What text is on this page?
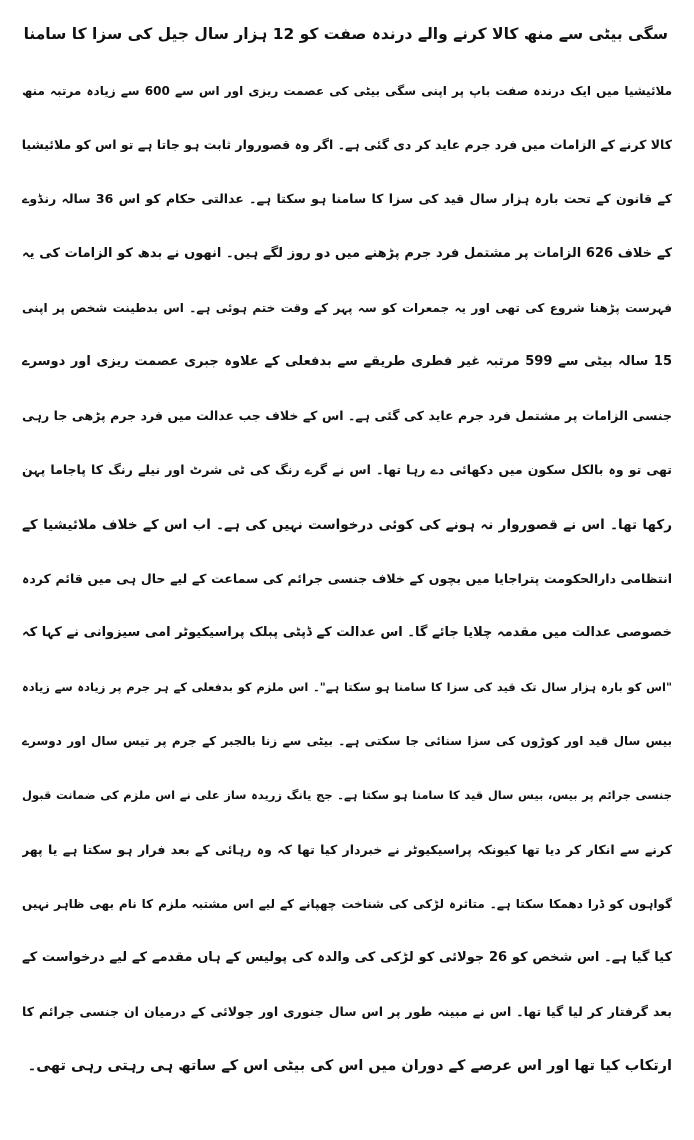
سگی بیٹی سے منھ کالا کرنے والے درندہ صفت کو 12 ہزار سال جیل کی سزا کا سامنا
ملائیشیا میں ایک درندہ صفت باپ پر اپنی سگی بیٹی کی عصمت ریزی اور اس سے 600 سے زیادہ مرتبہ منھ
کالا کرنے کے الزامات میں فرد جرم عاید کر دی گئی ہے۔ اگر وہ قصوروار ثابت ہو جاتا ہے تو اس کو ملائیشیا
کے قانون کے تحت بارہ ہزار سال قید کی سزا کا سامنا ہو سکتا ہے۔ عدالتی حکام کو اس 36 سالہ رنڈوے
کے خلاف 626 الزامات پر مشتمل فرد جرم پڑھنے میں دو روز لگے ہیں۔ انھوں نے بدھ کو الزامات کی یہ
فہرست پڑھنا شروع کی تھی اور یہ جمعرات کو سہ پہر کے وقت ختم ہوئی ہے۔ اس بدطینت شخص پر اپنی
15 سالہ بیٹی سے 599 مرتبہ غیر فطری طریقے سے بدفعلی کے علاوہ جبری عصمت ریزی اور دوسرے
جنسی الزامات پر مشتمل فرد جرم عاید کی گئی ہے۔ اس کے خلاف جب عدالت میں فرد جرم پڑھی جا رہی
تھی تو وہ بالکل سکون میں دکھائی دے رہا تھا۔ اس نے گرے رنگ کی ٹی شرٹ اور نیلے رنگ کا پاجاما پہن
رکھا تھا۔ اس نے قصوروار نہ ہونے کی کوئی درخواست نہیں کی ہے۔ اب اس کے خلاف ملائیشیا کے
انتظامی دارالحکومت پتراجایا میں بچوں کے خلاف جنسی جرائم کی سماعت کے لیے حال ہی میں قائم کردہ
خصوصی عدالت میں مقدمہ چلایا جائے گا۔ اس عدالت کے ڈپٹی پبلک پراسیکیوٹر امی سیزوانی نے کہا کہ
"اس کو بارہ ہزار سال تک قید کی سزا کا سامنا ہو سکتا ہے"۔ اس ملزم کو بدفعلی کے ہر جرم پر زیادہ سے زیادہ
بیس سال قید اور کوڑوں کی سزا سنائی جا سکتی ہے۔ بیٹی سے زنا بالجبر کے جرم پر تیس سال اور دوسرے
جنسی جرائم پر بیس، بیس سال قید کا سامنا ہو سکتا ہے۔ جج یانگ زریدہ ساز علی نے اس ملزم کی ضمانت قبول
کرنے سے انکار کر دیا تھا کیونکہ پراسیکیوٹر نے خبردار کیا تھا کہ وہ رہائی کے بعد فرار ہو سکتا ہے یا پھر
گواہوں کو ڈرا دھمکا سکتا ہے۔ متاثرہ لڑکی کی شناخت چھپانے کے لیے اس مشتبہ ملزم کا نام بھی ظاہر نہیں
کیا گیا ہے۔ اس شخص کو 26 جولائی کو لڑکی کی والدہ کی پولیس کے ہاں مقدمے کے لیے درخواست کے
بعد گرفتار کر لیا گیا تھا۔ اس نے مبینہ طور پر اس سال جنوری اور جولائی کے درمیان ان جنسی جرائم کا
ارتکاب کیا تھا اور اس عرصے کے دوران میں اس کی بیٹی اس کے ساتھ ہی رہتی رہی تھی۔
